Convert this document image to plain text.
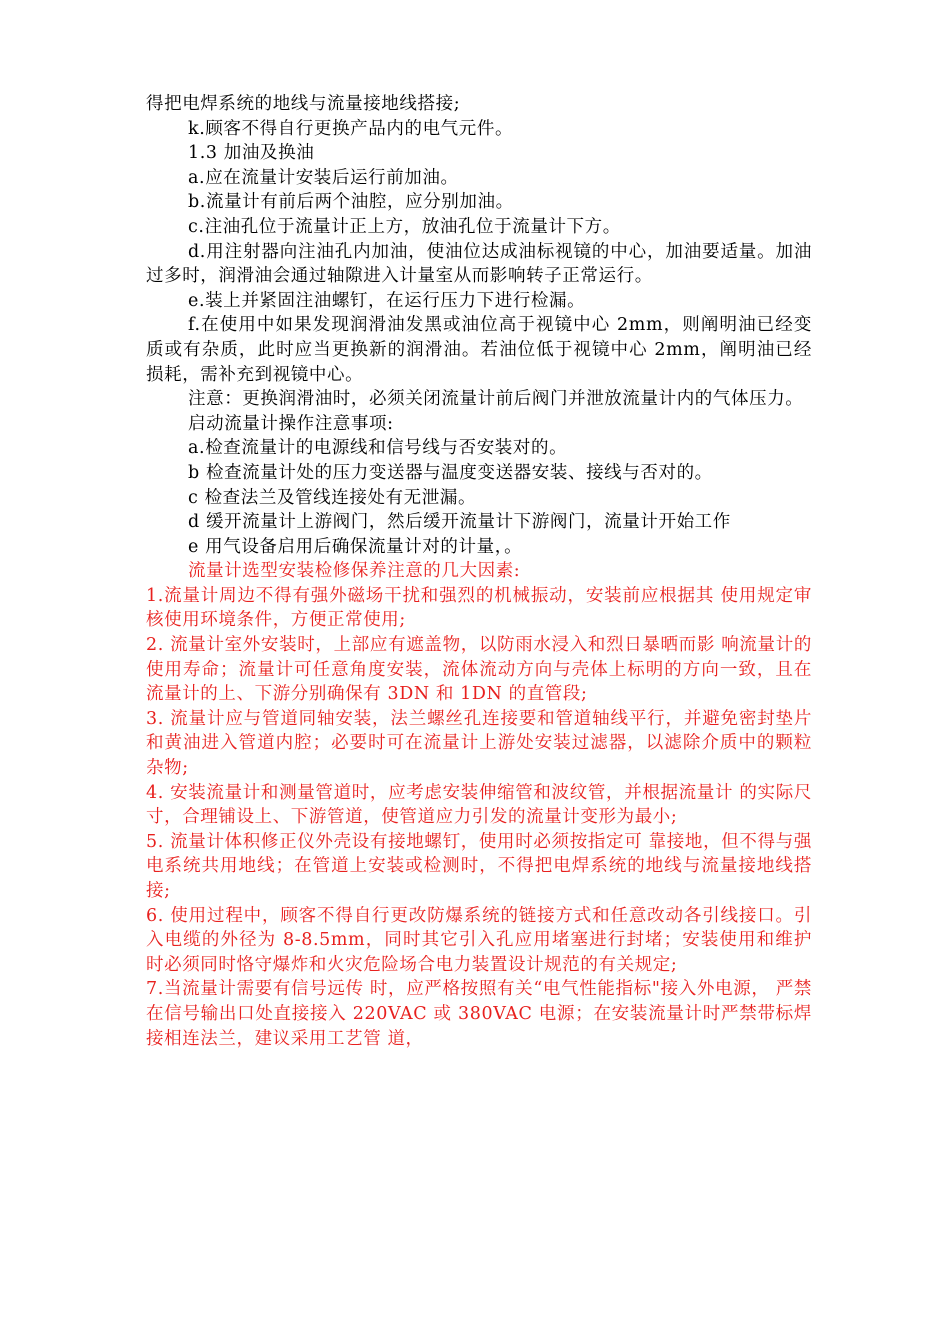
得把电焊系统的地线与流量接地线搭接;

k.顾客不得自行更换产品内的电气元件。

1.3 加油及换油

a.应在流量计安装后运行前加油。

b.流量计有前后两个油腔，应分别加油。

c.注油孔位于流量计正上方，放油孔位于流量计下方。

d.用注射器向注油孔内加油，使油位达成油标视镜的中心，加油要适量。加油过多时，润滑油会通过轴隙进入计量室从而影响转子正常运行。

e.装上并紧固注油螺钉，在运行压力下进行检漏。

f.在使用中如果发现润滑油发黑或油位高于视镜中心 2mm，则阐明油已经变质或有杂质，此时应当更换新的润滑油。若油位低于视镜中心 2mm，阐明油已经损耗，需补充到视镜中心。

注意：更换润滑油时，必须关闭流量计前后阀门并泄放流量计内的气体压力。

启动流量计操作注意事项:

a.检查流量计的电源线和信号线与否安装对的。

b 检查流量计处的压力变送器与温度变送器安装、接线与否对的。

c 检查法兰及管线连接处有无泄漏。

d 缓开流量计上游阀门，然后缓开流量计下游阀门，流量计开始工作

e 用气设备启用后确保流量计对的计量，。

流量计选型安装检修保养注意的几大因素:

1.流量计周边不得有强外磁场干扰和强烈的机械振动，安装前应根据其 使用规定审核使用环境条件，方便正常使用;

2. 流量计室外安装时，上部应有遮盖物，以防雨水浸入和烈日暴晒而影 响流量计的使用寿命；流量计可任意角度安装，流体流动方向与壳体上标明的方向一致，且在流量计的上、下游分别确保有 3DN 和 1DN 的直管段;

3. 流量计应与管道同轴安装，法兰螺丝孔连接要和管道轴线平行，并避免密封垫片和黄油进入管道内腔；必要时可在流量计上游处安装过滤器，以滤除介质中的颗粒杂物;

4. 安装流量计和测量管道时，应考虑安装伸缩管和波纹管，并根据流量计 的实际尺寸，合理铺设上、下游管道，使管道应力引发的流量计变形为最小;

5. 流量计体积修正仪外壳设有接地螺钉，使用时必须按指定可 靠接地，但不得与强电系统共用地线；在管道上安装或检测时，不得把电焊系统的地线与流量接地线搭接;

6. 使用过程中，顾客不得自行更改防爆系统的链接方式和任意改动各引线接口。引入电缆的外径为 8-8.5mm，同时其它引入孔应用堵塞进行封堵；安装使用和维护时必须同时恪守爆炸和火灾危险场合电力装置设计规范的有关规定;

7.当流量计需要有信号远传 时，应严格按照有关“电气性能指标"接入外电源， 严禁在信号输出口处直接接入 220VAC 或 380VAC 电源；在安装流量计时严禁带标焊接相连法兰，建议采用工艺管 道，
